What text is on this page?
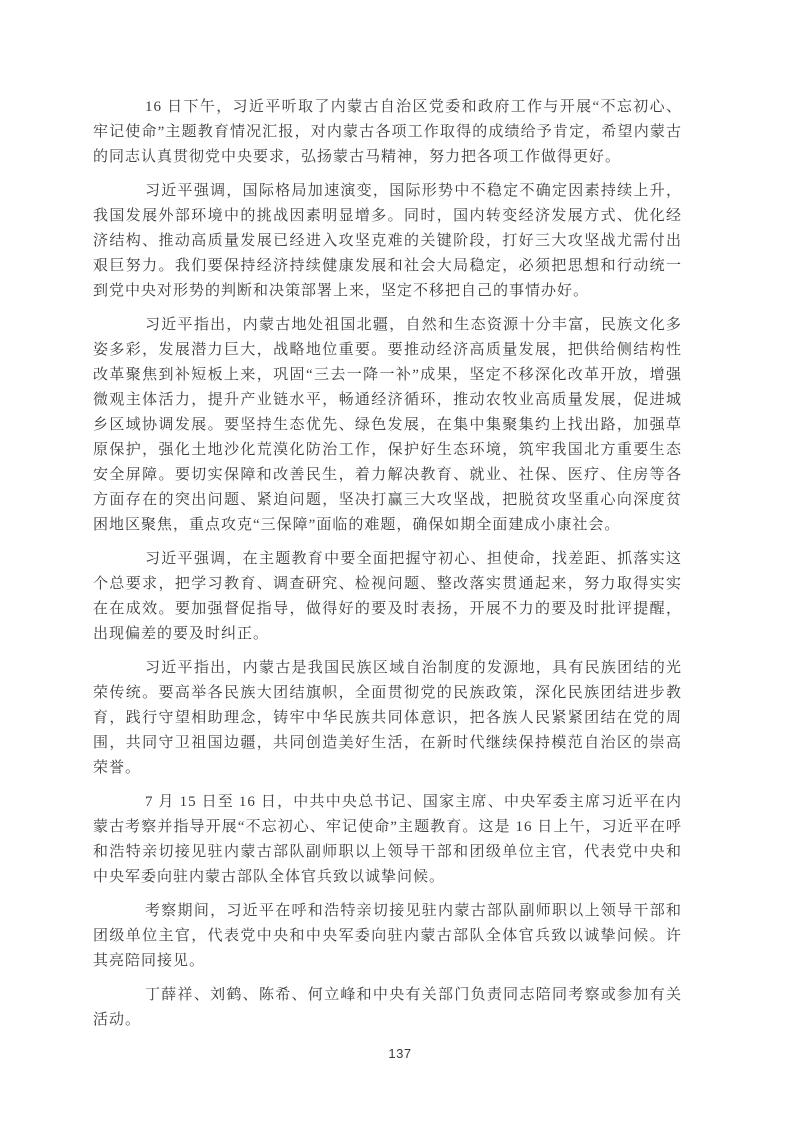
16 日下午，习近平听取了内蒙古自治区党委和政府工作与开展“不忘初心、牢记使命”主题教育情况汇报，对内蒙古各项工作取得的成绩给予肯定，希望内蒙古的同志认真贯彻党中央要求，弘扬蒙古马精神，努力把各项工作做得更好。

习近平强调，国际格局加速演变，国际形势中不稳定不确定因素持续上升，我国发展外部环境中的挑战因素明显增多。同时，国内转变经济发展方式、优化经济结构、推动高质量发展已经进入攻坚克难的关键阶段，打好三大攻坚战尤需付出艰巨努力。我们要保持经济持续健康发展和社会大局稳定，必须把思想和行动统一到党中央对形势的判断和决策部署上来，坚定不移把自己的事情办好。

习近平指出，内蒙古地处祖国北疆，自然和生态资源十分丰富，民族文化多姿多彩，发展潜力巨大，战略地位重要。要推动经济高质量发展，把供给侧结构性改革聚焦到补短板上来，巩固“三去一降一补”成果，坚定不移深化改革开放，增强微观主体活力，提升产业链水平，畅通经济循环，推动农牧业高质量发展，促进城乡区域协调发展。要坚持生态优先、绿色发展，在集中集聚集约上找出路，加强草原保护，强化土地沙化荒漠化防治工作，保护好生态环境，筑牢我国北方重要生态安全屏障。要切实保障和改善民生，着力解决教育、就业、社保、医疗、住房等各方面存在的突出问题、紧迫问题，坚决打赢三大攻坚战，把脱贫攻坚重心向深度贫困地区聚焦，重点攻克“三保障”面临的难题，确保如期全面建成小康社会。

习近平强调，在主题教育中要全面把握守初心、担使命，找差距、抓落实这个总要求，把学习教育、调查研究、检视问题、整改落实贯通起来，努力取得实实在在成效。要加强督促指导，做得好的要及时表扬，开展不力的要及时批评提醒，出现偏差的要及时纠正。

习近平指出，内蒙古是我国民族区域自治制度的发源地，具有民族团结的光荣传统。要高举各民族大团结旗帜，全面贯彻党的民族政策，深化民族团结进步教育，践行守望相助理念，铸牢中华民族共同体意识，把各族人民紧紧团结在党的周围，共同守卫祖国边疆，共同创造美好生活，在新时代继续保持模范自治区的崇高荣誉。

7 月 15 日至 16 日，中共中央总书记、国家主席、中央军委主席习近平在内蒙古考察并指导开展“不忘初心、牢记使命”主题教育。这是 16 日上午，习近平在呼和浩特亲切接见驻内蒙古部队副师职以上领导干部和团级单位主官，代表党中央和中央军委向驻内蒙古部队全体官兵致以诚挚问候。

考察期间，习近平在呼和浩特亲切接见驻内蒙古部队副师职以上领导干部和团级单位主官，代表党中央和中央军委向驻内蒙古部队全体官兵致以诚挚问候。许其亮陪同接见。

丁薛祥、刘鹤、陈希、何立峰和中央有关部门负责同志陪同考察或参加有关活动。

137
